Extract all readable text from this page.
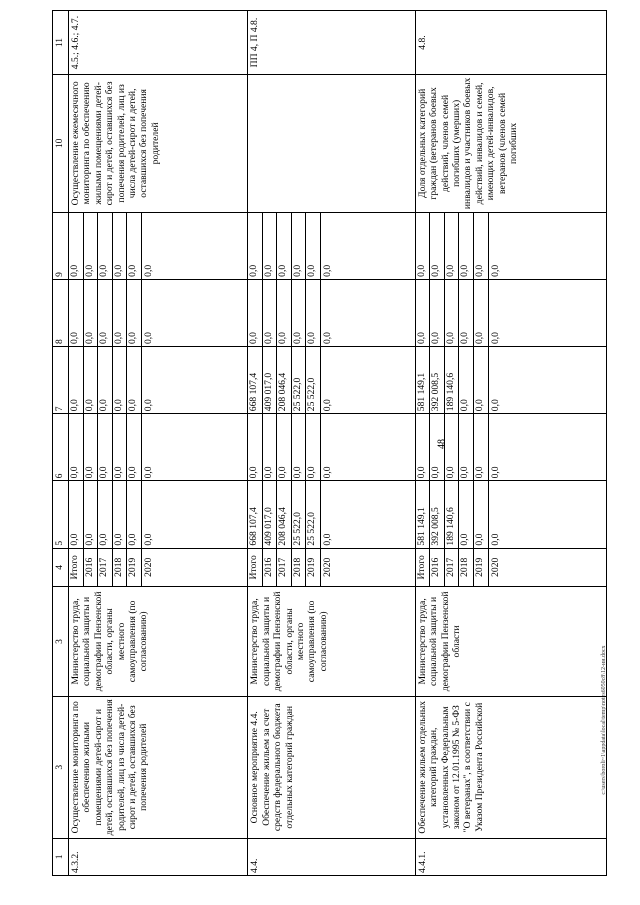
48
c:\users\boroli~1\appdata\local\temp\notes6050c8\12-ии.docx
1	3	3	4	5	6	7	8	9	10	11
4.3.2.	Осуществление мониторинга по обеспечению жилыми помещениями детей-сирот и детей, оставшихся без попечения родителей, лиц из числа детей-сирот и детей, оставшихся без попечения родителей	Министерство труда, социальной защиты и демографии Пензенской области, органы местного самоуправления (по согласованию)	Итого	0,0	0,0	0,0	0,0	0,0	Осуществление ежемесячного мониторинга по обеспечению жилыми помещениями детей-сирот и детей, оставшихся без попечения родителей, лиц из числа детей-сирот и детей, оставшихся без попечения родителей	4.5.; 4.6.; 4.7.
			2016	0,0	0,0	0,0	0,0	0,0		
			2017	0,0	0,0	0,0	0,0	0,0		
			2018	0,0	0,0	0,0	0,0	0,0		
			2019	0,0	0,0	0,0	0,0	0,0		
			2020	0,0	0,0	0,0	0,0	0,0		
4.4.	Основное мероприятие 4.4. Обеспечение жильем за счет средств федерального бюджета отдельных категорий граждан	Министерство труда, социальной защиты и демографии Пензенской области, органы местного самоуправления (по согласованию)	Итого	668 107,4	0,0	668 107,4	0,0	0,0		ПП 4, П 4.8.
			2016	409 017,0	0,0	409 017,0	0,0	0,0		
			2017	208 046,4	0,0	208 046,4	0,0	0,0		
			2018	25 522,0	0,0	25 522,0	0,0	0,0		
			2019	25 522,0	0,0	25 522,0	0,0	0,0		
			2020	0,0	0,0	0,0	0,0	0,0		
4.4.1.	Обеспечение жильем отдельных категорий граждан, установленных Федеральным законом от 12.01.1995 № 5-ФЗ "О ветеранах", в соответствии с Указом Президента Российской	Министерство труда, социальной защиты и демографии Пензенской области	Итого	581 149,1	0,0	581 149,1	0,0	0,0	Доля отдельных категорий граждан (ветеранов боевых действий, членов семей погибших (умерших) инвалидов и участников боевых действий, инвалидов и семей, имеющих детей-инвалидов, ветеранов (членов семей погибших	4.8.
			2016	392 008,5	0,0	392 008,5	0,0	0,0		
			2017	189 140,6	0,0	189 140,6	0,0	0,0		
			2018	0,0	0,0	0,0	0,0	0,0		
			2019	0,0	0,0	0,0	0,0	0,0		
			2020	0,0	0,0	0,0	0,0	0,0		
